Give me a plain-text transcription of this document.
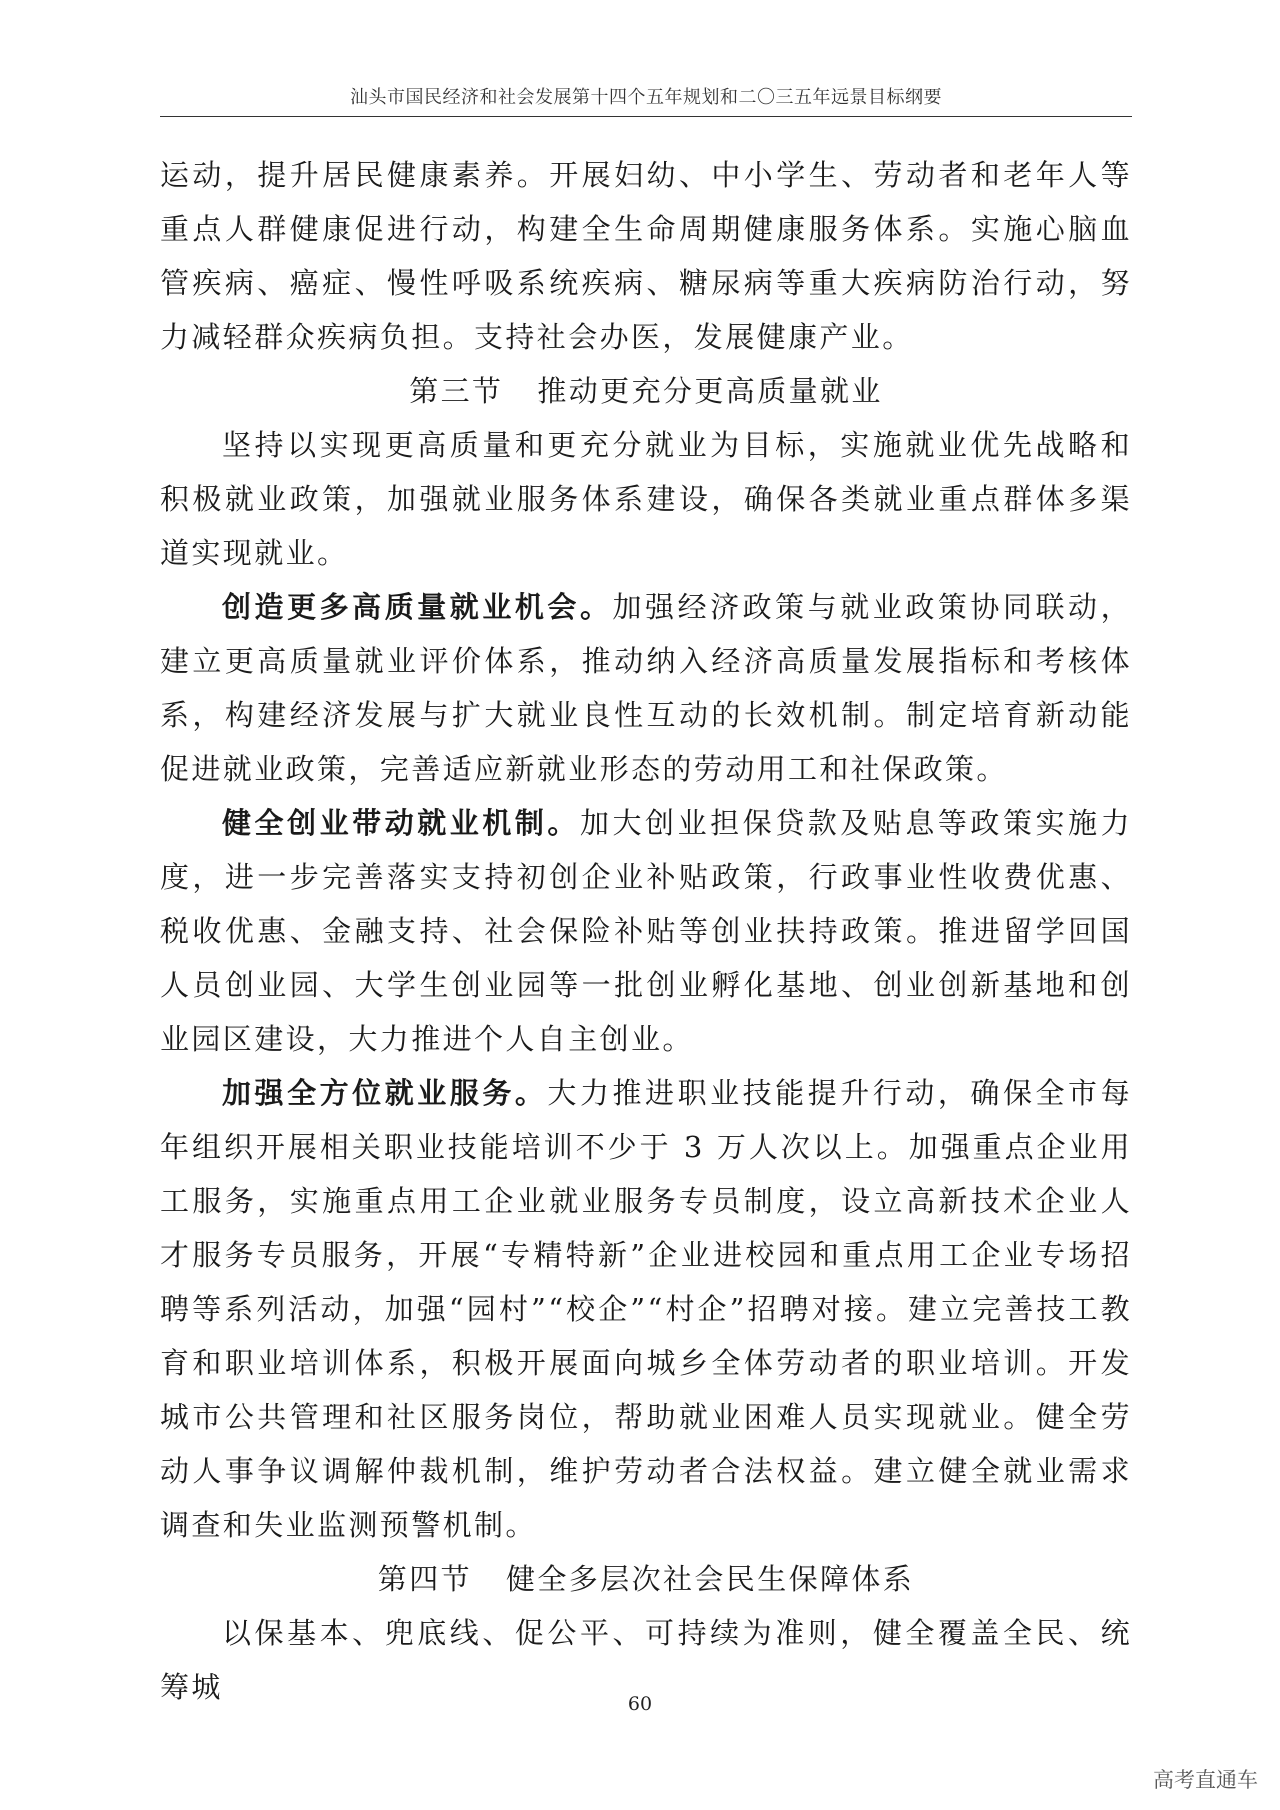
汕头市国民经济和社会发展第十四个五年规划和二〇三五年远景目标纲要

运动，提升居民健康素养。开展妇幼、中小学生、劳动者和老年人等重点人群健康促进行动，构建全生命周期健康服务体系。实施心脑血管疾病、癌症、慢性呼吸系统疾病、糖尿病等重大疾病防治行动，努力减轻群众疾病负担。支持社会办医，发展健康产业。

第三节 推动更充分更高质量就业

坚持以实现更高质量和更充分就业为目标，实施就业优先战略和积极就业政策，加强就业服务体系建设，确保各类就业重点群体多渠道实现就业。

创造更多高质量就业机会。加强经济政策与就业政策协同联动，建立更高质量就业评价体系，推动纳入经济高质量发展指标和考核体系，构建经济发展与扩大就业良性互动的长效机制。制定培育新动能促进就业政策，完善适应新就业形态的劳动用工和社保政策。

健全创业带动就业机制。加大创业担保贷款及贴息等政策实施力度，进一步完善落实支持初创企业补贴政策，行政事业性收费优惠、税收优惠、金融支持、社会保险补贴等创业扶持政策。推进留学回国人员创业园、大学生创业园等一批创业孵化基地、创业创新基地和创业园区建设，大力推进个人自主创业。

加强全方位就业服务。大力推进职业技能提升行动，确保全市每年组织开展相关职业技能培训不少于 3 万人次以上。加强重点企业用工服务，实施重点用工企业就业服务专员制度，设立高新技术企业人才服务专员服务，开展“专精特新”企业进校园和重点用工企业专场招聘等系列活动，加强“园村”“校企”“村企”招聘对接。建立完善技工教育和职业培训体系，积极开展面向城乡全体劳动者的职业培训。开发城市公共管理和社区服务岗位，帮助就业困难人员实现就业。健全劳动人事争议调解仲裁机制，维护劳动者合法权益。建立健全就业需求调查和失业监测预警机制。

第四节 健全多层次社会民生保障体系

以保基本、兜底线、促公平、可持续为准则，健全覆盖全民、统筹城	60
高考直通车
